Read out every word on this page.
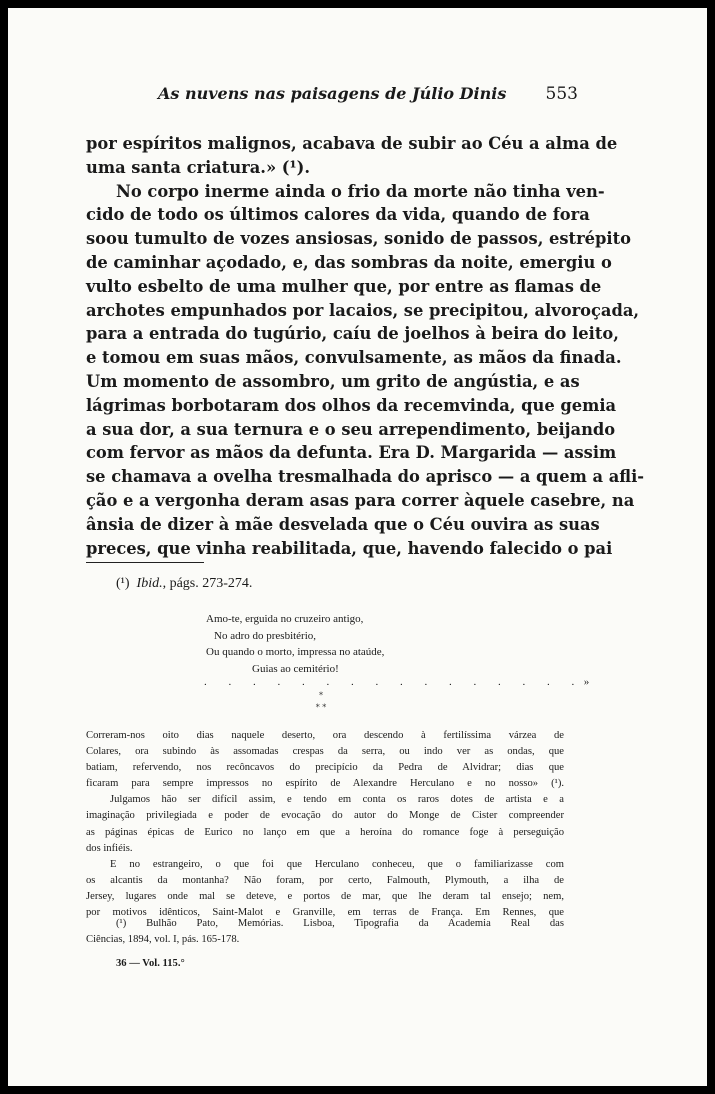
As nuvens nas paisagens de Júlio Dinis 553
por espíritos malignos, acabava de subir ao Céu a alma de
uma santa criatura.» (¹).
No corpo inerme ainda o frio da morte não tinha ven-
cido de todo os últimos calores da vida, quando de fora
soou tumulto de vozes ansiosas, sonido de passos, estrépito
de caminhar açodado, e, das sombras da noite, emergiu o
vulto esbelto de uma mulher que, por entre as flamas de
archotes empunhados por lacaios, se precipitou, alvoroçada,
para a entrada do tugúrio, caíu de joelhos à beira do leito,
e tomou em suas mãos, convulsamente, as mãos da finada.
Um momento de assombro, um grito de angústia, e as
lágrimas borbotaram dos olhos da recemvinda, que gemia
a sua dor, a sua ternura e o seu arrependimento, beijando
com fervor as mãos da defunta. Era D. Margarida — assim
se chamava a ovelha tresmalhada do aprisco — a quem a afli-
ção e a vergonha deram asas para correr àquele casebre, na
ânsia de dizer à mãe desvelada que o Céu ouvira as suas
preces, que vinha reabilitada, que, havendo falecido o pai
(¹) Ibid., págs. 273-274.
Amo-te, erguida no cruzeiro antigo,
No adro do presbitério,
Ou quando o morto, impressa no ataúde,
Guias ao cemitério!
. . . . . . . . . . . . . . . .»
*
* *
Correram-nos oito dias naquele deserto, ora descendo à fertilíssima várzea de
Colares, ora subindo às assomadas crespas da serra, ou indo ver as ondas, que
batiam, refervendo, nos recôncavos do precipício da Pedra de Alvidrar; dias que
ficaram para sempre impressos no espírito de Alexandre Herculano e no nosso» (¹).
Julgamos hão ser difícil assim, e tendo em conta os raros dotes de artista e a
imaginação privilegiada e poder de evocação do autor do Monge de Cister compreender
as páginas épicas de Eurico no lanço em que a heroína do romance foge à perseguição
dos infiéis.
E no estrangeiro, o que foi que Herculano conheceu, que o familiarizasse com
os alcantis da montanha? Não foram, por certo, Falmouth, Plymouth, a ilha de
Jersey, lugares onde mal se deteve, e portos de mar, que lhe deram tal ensejo; nem,
por motivos idênticos, Saint-Malot e Granville, em terras de França. Em Rennes, que
(¹) Bulhão Pato, Memórias. Lisboa, Tipografia da Academia Real das
Ciências, 1894, vol. I, pás. 165-178.
36 — Vol. 115.°
